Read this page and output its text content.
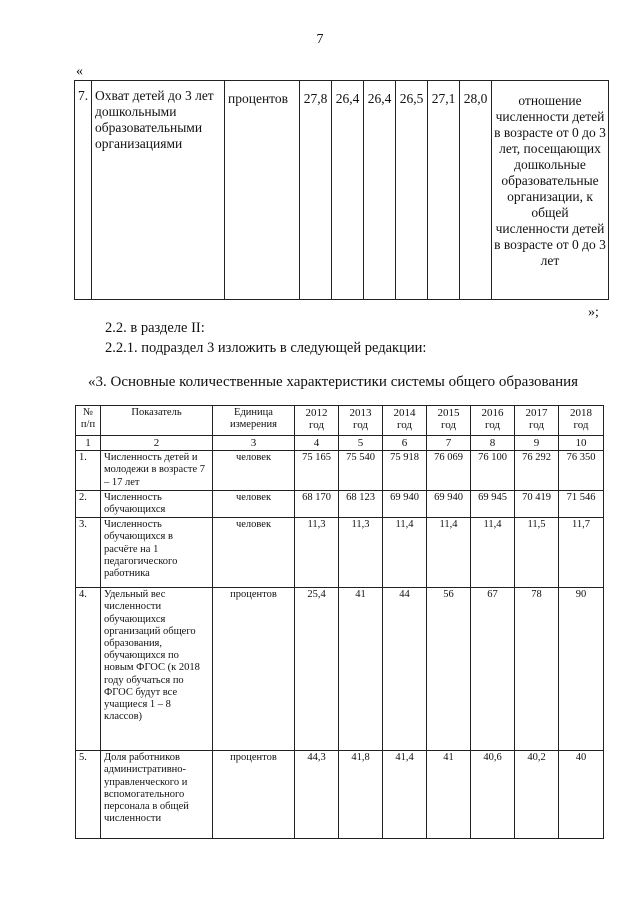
7
«
7.	Охват детей до 3 лет дошкольными образовательными организациями	процентов	27,8	26,4	26,4	26,5	27,1	28,0	отношение численности детей в возрасте от 0 до 3 лет, посещающих дошкольные образовательные организации, к общей численности детей в возрасте от 0 до 3 лет
»;
2.2. в разделе II:
2.2.1. подраздел 3 изложить в следующей редакции:
«3. Основные количественные характеристики системы общего образования
№ п/п	Показатель	Единица измерения	2012 год	2013 год	2014 год	2015 год	2016 год	2017 год	2018 год
1	2	3	4	5	6	7	8	9	10
1.	Численность детей и молодежи в возрасте 7 – 17 лет	человек	75 165	75 540	75 918	76 069	76 100	76 292	76 350
2.	Численность обучающихся	человек	68 170	68 123	69 940	69 940	69 945	70 419	71 546
3.	Численность обучающихся в расчёте на 1 педагогического работника	человек	11,3	11,3	11,4	11,4	11,4	11,5	11,7
4.	Удельный вес численности обучающихся организаций общего образования, обучающихся по новым ФГОС (к 2018 году обучаться по ФГОС будут все учащиеся 1 – 8 классов)	процентов	25,4	41	44	56	67	78	90
5.	Доля работников административно-управленческого и вспомогательного персонала в общей численности	процентов	44,3	41,8	41,4	41	40,6	40,2	40
